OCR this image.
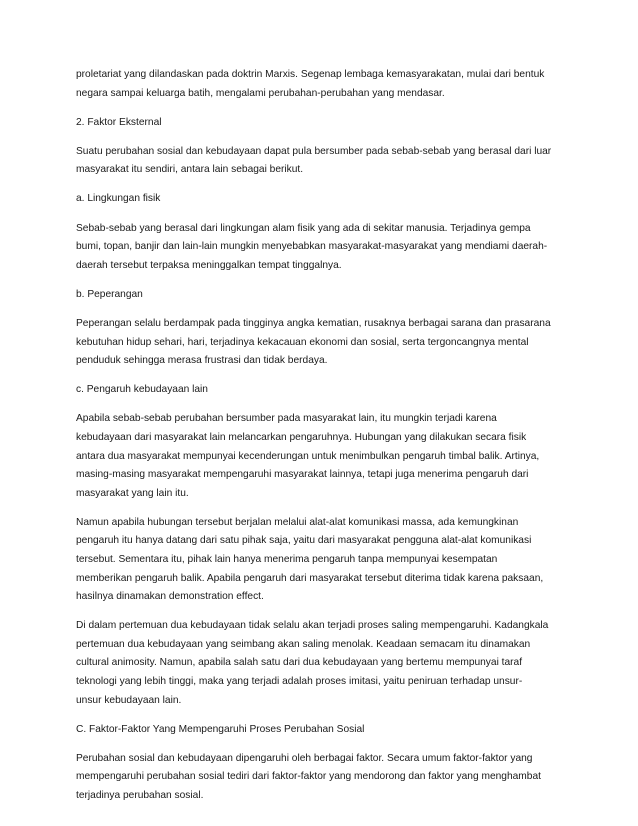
proletariat yang dilandaskan pada doktrin Marxis. Segenap lembaga kemasyarakatan, mulai dari bentuk
negara sampai keluarga batih, mengalami perubahan-perubahan yang mendasar.

2. Faktor Eksternal

Suatu perubahan sosial dan kebudayaan dapat pula bersumber pada sebab-sebab yang berasal dari luar
masyarakat itu sendiri, antara lain sebagai berikut.

a. Lingkungan fisik

Sebab-sebab yang berasal dari lingkungan alam fisik yang ada di sekitar manusia. Terjadinya gempa
bumi, topan, banjir dan lain-lain mungkin menyebabkan masyarakat-masyarakat yang mendiami daerah-
daerah tersebut terpaksa meninggalkan tempat tinggalnya.

b. Peperangan

Peperangan selalu berdampak pada tingginya angka kematian, rusaknya berbagai sarana dan prasarana
kebutuhan hidup sehari, hari, terjadinya kekacauan ekonomi dan sosial, serta tergoncangnya mental
penduduk sehingga merasa frustrasi dan tidak berdaya.

c. Pengaruh kebudayaan lain

Apabila sebab-sebab perubahan bersumber pada masyarakat lain, itu mungkin terjadi karena
kebudayaan dari masyarakat lain melancarkan pengaruhnya. Hubungan yang dilakukan secara fisik
antara dua masyarakat mempunyai kecenderungan untuk menimbulkan pengaruh timbal balik. Artinya,
masing-masing masyarakat mempengaruhi masyarakat lainnya, tetapi juga menerima pengaruh dari
masyarakat yang lain itu.

Namun apabila hubungan tersebut berjalan melalui alat-alat komunikasi massa, ada kemungkinan
pengaruh itu hanya datang dari satu pihak saja, yaitu dari masyarakat pengguna alat-alat komunikasi
tersebut. Sementara itu, pihak lain hanya menerima pengaruh tanpa mempunyai kesempatan
memberikan pengaruh balik. Apabila pengaruh dari masyarakat tersebut diterima tidak karena paksaan,
hasilnya dinamakan demonstration effect.

Di dalam pertemuan dua kebudayaan tidak selalu akan terjadi proses saling mempengaruhi. Kadangkala
pertemuan dua kebudayaan yang seimbang akan saling menolak. Keadaan semacam itu dinamakan
cultural animosity. Namun, apabila salah satu dari dua kebudayaan yang bertemu mempunyai taraf
teknologi yang lebih tinggi, maka yang terjadi adalah proses imitasi, yaitu peniruan terhadap unsur-
unsur kebudayaan lain.

C. Faktor-Faktor Yang Mempengaruhi Proses Perubahan Sosial

Perubahan sosial dan kebudayaan dipengaruhi oleh berbagai faktor. Secara umum faktor-faktor yang
mempengaruhi perubahan sosial tediri dari faktor-faktor yang mendorong dan faktor yang menghambat
terjadinya perubahan sosial.
